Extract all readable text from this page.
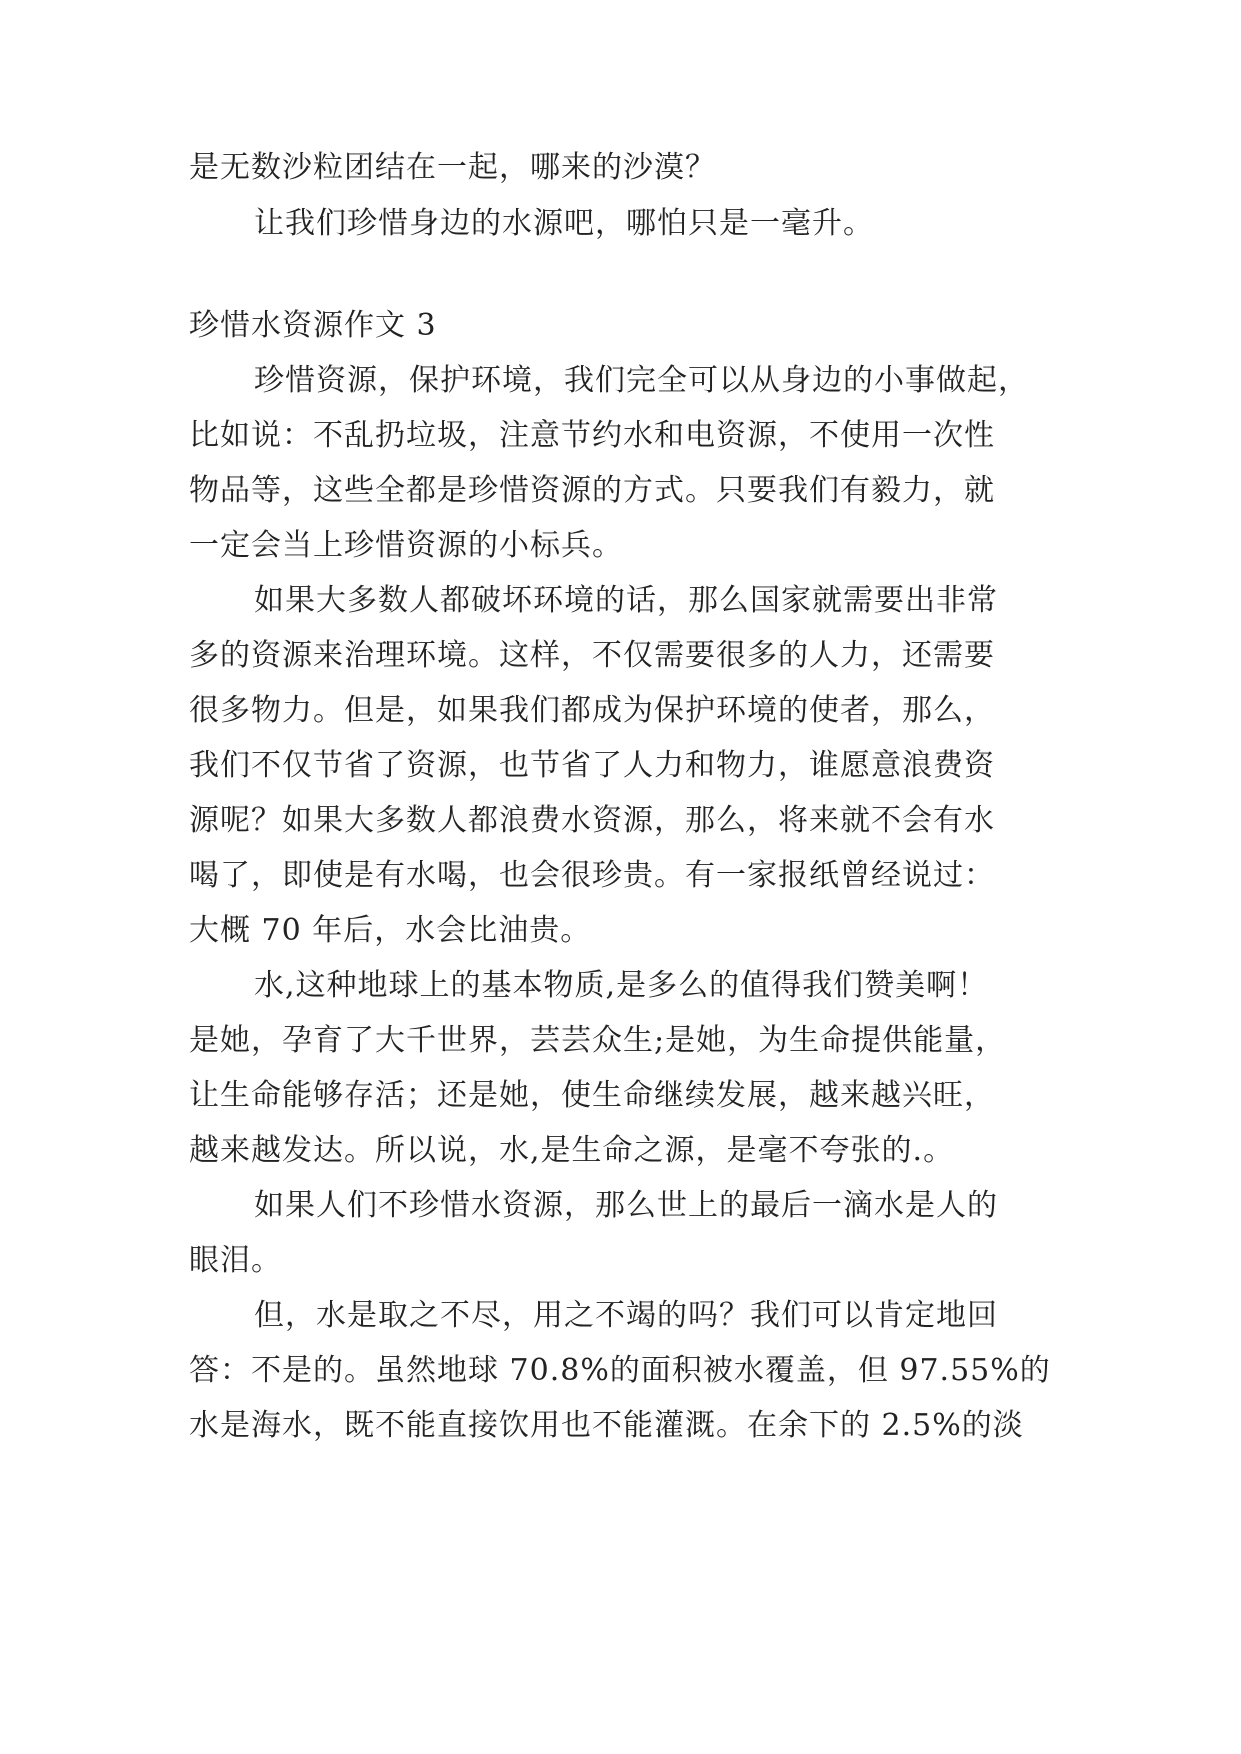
是无数沙粒团结在一起，哪来的沙漠？
让我们珍惜身边的水源吧，哪怕只是一毫升。
珍惜水资源作文 3
珍惜资源，保护环境，我们完全可以从身边的小事做起，
比如说：不乱扔垃圾，注意节约水和电资源，不使用一次性
物品等，这些全都是珍惜资源的方式。只要我们有毅力，就
一定会当上珍惜资源的小标兵。
如果大多数人都破坏环境的话，那么国家就需要出非常
多的资源来治理环境。这样，不仅需要很多的人力，还需要
很多物力。但是，如果我们都成为保护环境的使者，那么，
我们不仅节省了资源，也节省了人力和物力，谁愿意浪费资
源呢？如果大多数人都浪费水资源，那么，将来就不会有水
喝了，即使是有水喝，也会很珍贵。有一家报纸曾经说过：
大概 70 年后，水会比油贵。
水,这种地球上的基本物质,是多么的值得我们赞美啊！
是她，孕育了大千世界，芸芸众生;是她，为生命提供能量，
让生命能够存活；还是她，使生命继续发展，越来越兴旺，
越来越发达。所以说，水,是生命之源，是毫不夸张的.。
如果人们不珍惜水资源，那么世上的最后一滴水是人的
眼泪。
但，水是取之不尽，用之不竭的吗？我们可以肯定地回
答：不是的。虽然地球 70.8%的面积被水覆盖，但 97.55%的
水是海水，既不能直接饮用也不能灌溉。在余下的 2.5%的淡
